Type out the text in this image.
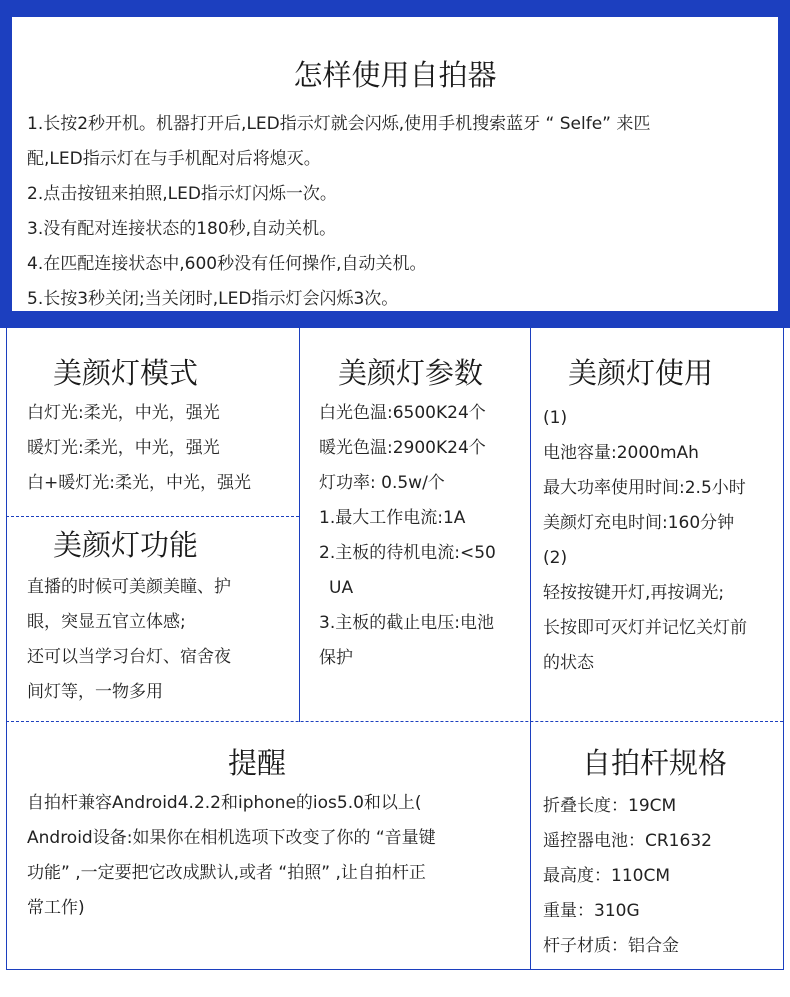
怎样使用自拍器
1.长按2秒开机。机器打开后,LED指示灯就会闪烁,使用手机搜索蓝牙 “ Selfe” 来匹
配,LED指示灯在与手机配对后将熄灭。
2.点击按钮来拍照,LED指示灯闪烁一次。
3.没有配对连接状态的180秒,自动关机。
4.在匹配连接状态中,600秒没有任何操作,自动关机。
5.长按3秒关闭;当关闭时,LED指示灯会闪烁3次。
美颜灯模式
白灯光:柔光，中光，强光
暖灯光:柔光，中光，强光
白+暖灯光:柔光，中光，强光
美颜灯功能
直播的时候可美颜美瞳、护
眼，突显五官立体感;
还可以当学习台灯、宿舍夜
间灯等，一物多用
美颜灯参数
白光色温:6500K24个
暖光色温:2900K24个
灯功率: 0.5w/个
1.最大工作电流:1A
2.主板的待机电流:<50
UA
3.主板的截止电压:电池
保护
美颜灯使用
(1)
电池容量:2000mAh
最大功率使用时间:2.5小时
美颜灯充电时间:160分钟
(2)
轻按按键开灯,再按调光;
长按即可灭灯并记忆关灯前
的状态
提醒
自拍杆兼容Android4.2.2和iphone的ios5.0和以上(
Android设备:如果你在相机选项下改变了你的 “音量键
功能” ,一定要把它改成默认,或者 “拍照” ,让自拍杆正
常工作)
自拍杆规格
折叠长度：19CM
遥控器电池：CR1632
最高度：110CM
重量：310G
杆子材质：铝合金
